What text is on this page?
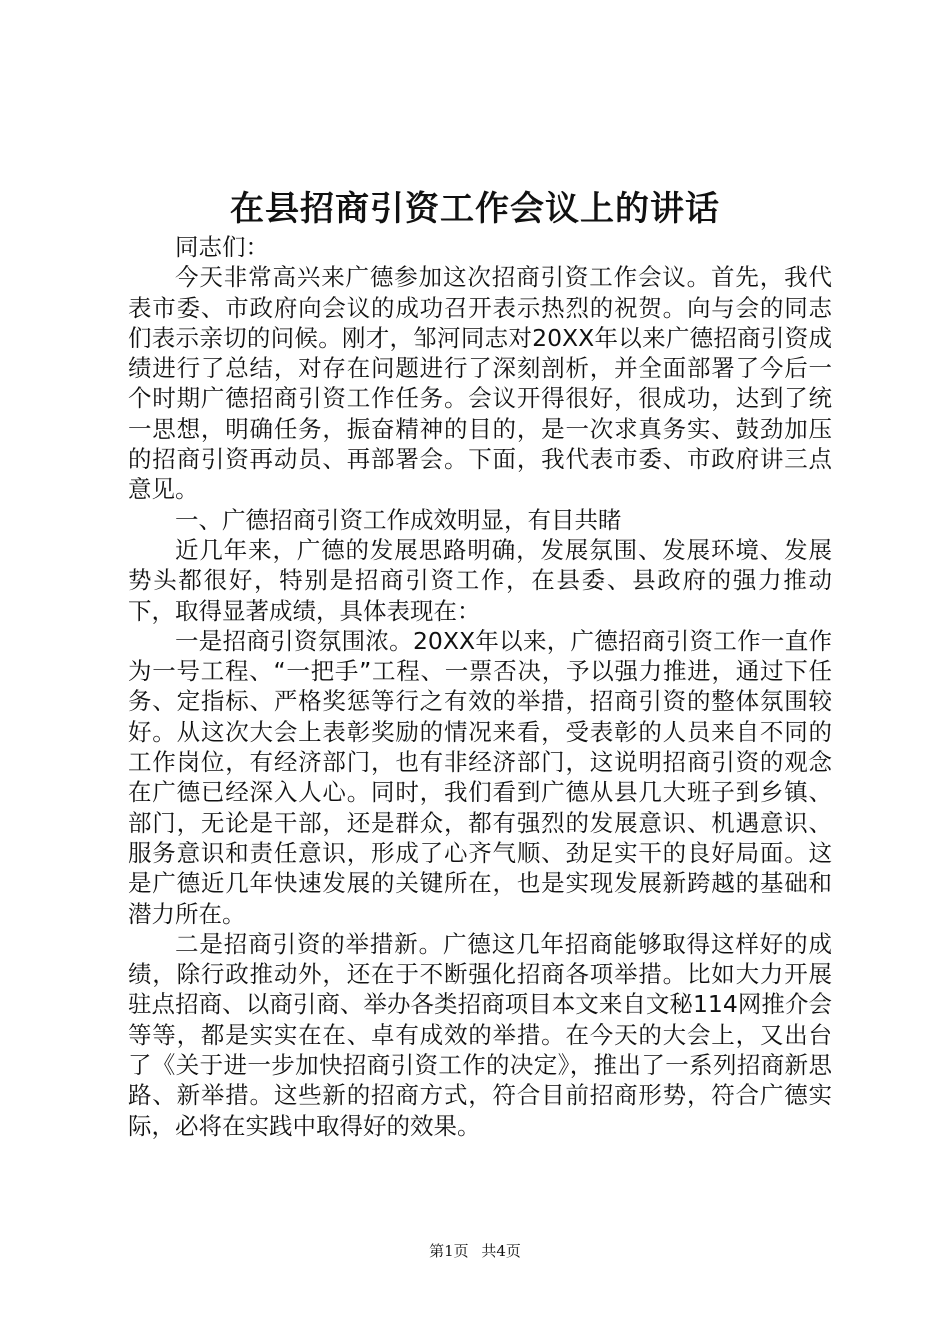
在县招商引资工作会议上的讲话

同志们：

今天非常高兴来广德参加这次招商引资工作会议。首先，我代表市委、市政府向会议的成功召开表示热烈的祝贺。向与会的同志们表示亲切的问候。刚才，邹河同志对20XX年以来广德招商引资成绩进行了总结，对存在问题进行了深刻剖析，并全面部署了今后一个时期广德招商引资工作任务。会议开得很好，很成功，达到了统一思想，明确任务，振奋精神的目的，是一次求真务实、鼓劲加压的招商引资再动员、再部署会。下面，我代表市委、市政府讲三点意见。

一、广德招商引资工作成效明显，有目共睹

近几年来，广德的发展思路明确，发展氛围、发展环境、发展势头都很好，特别是招商引资工作，在县委、县政府的强力推动下，取得显著成绩，具体表现在：

一是招商引资氛围浓。20XX年以来，广德招商引资工作一直作为一号工程、“一把手”工程、一票否决，予以强力推进，通过下任务、定指标、严格奖惩等行之有效的举措，招商引资的整体氛围较好。从这次大会上表彰奖励的情况来看，受表彰的人员来自不同的工作岗位，有经济部门，也有非经济部门，这说明招商引资的观念在广德已经深入人心。同时，我们看到广德从县几大班子到乡镇、部门，无论是干部，还是群众，都有强烈的发展意识、机遇意识、服务意识和责任意识，形成了心齐气顺、劲足实干的良好局面。这是广德近几年快速发展的关键所在，也是实现发展新跨越的基础和潜力所在。

二是招商引资的举措新。广德这几年招商能够取得这样好的成绩，除行政推动外，还在于不断强化招商各项举措。比如大力开展驻点招商、以商引商、举办各类招商项目本文来自文秘114网推介会等等，都是实实在在、卓有成效的举措。在今天的大会上，又出台了《关于进一步加快招商引资工作的决定》，推出了一系列招商新思路、新举措。这些新的招商方式，符合目前招商形势，符合广德实际，必将在实践中取得好的效果。

第1页 共4页
